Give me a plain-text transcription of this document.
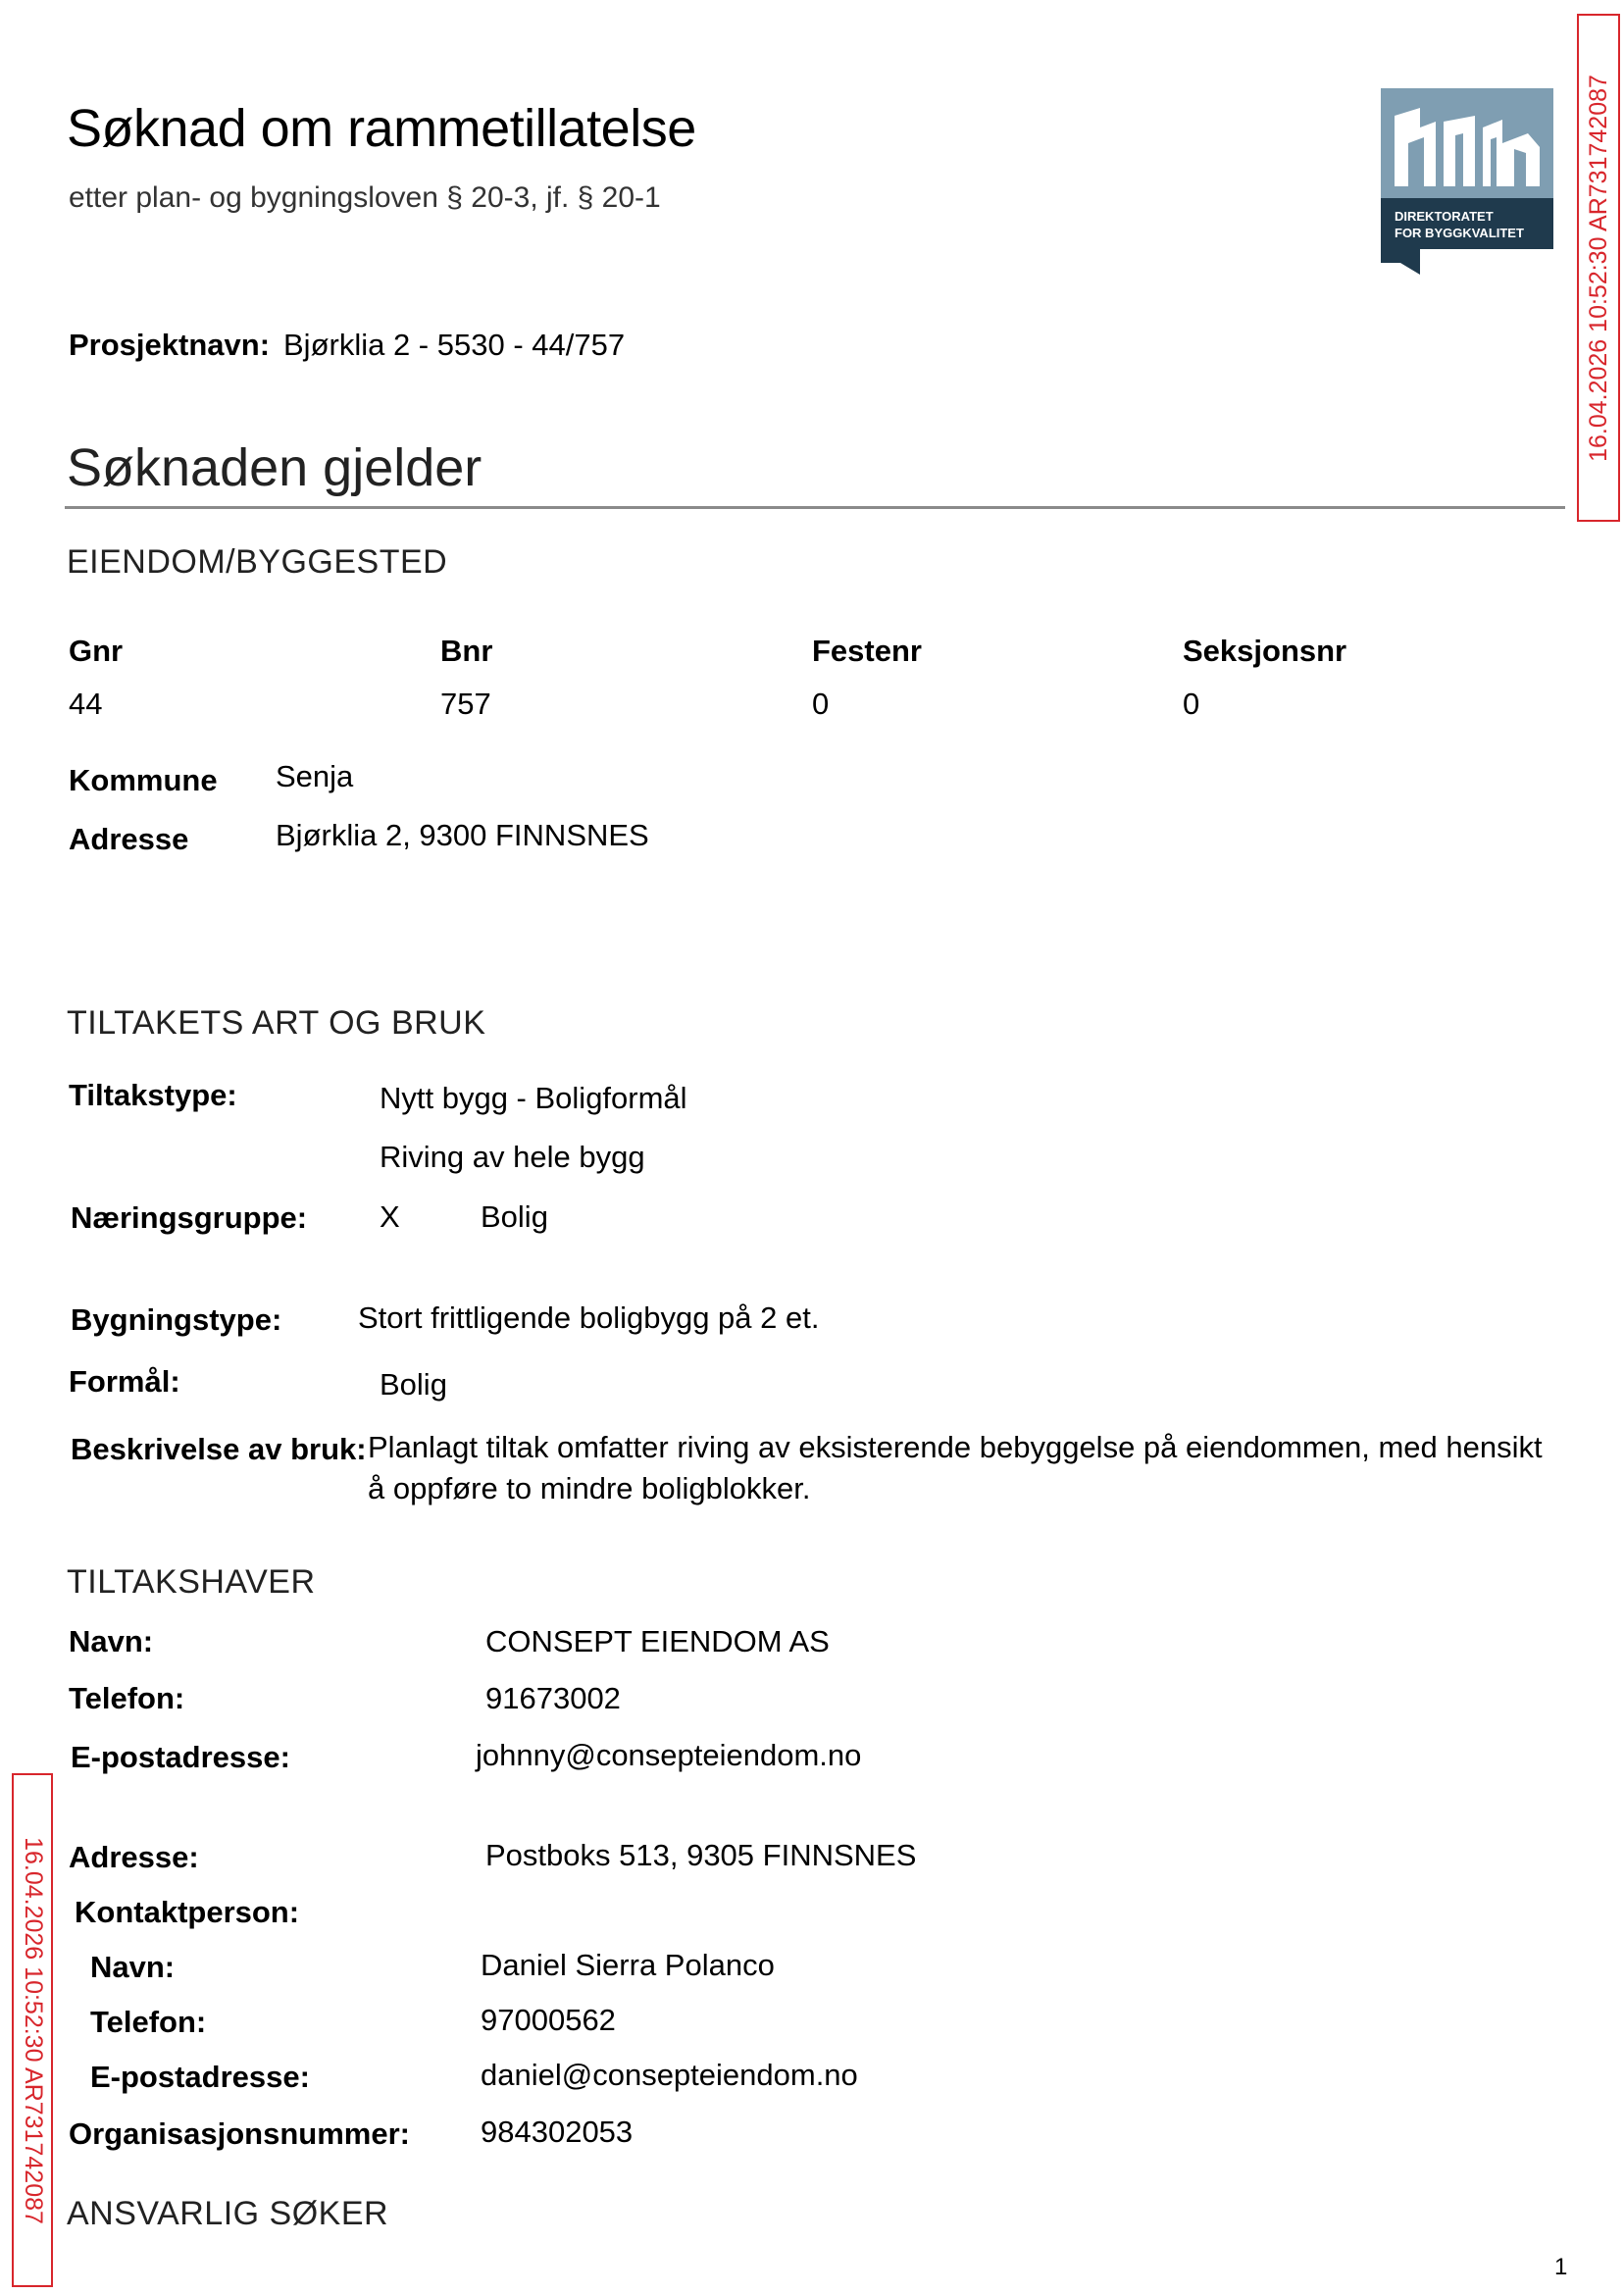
Søknad om rammetillatelse
etter plan- og bygningsloven § 20-3, jf. § 20-1
DIREKTORATET
FOR BYGGKVALITET 16.04.2026 10:52:30 AR731742087
16.04.2026 10:52:30 AR731742087
Prosjektnavn: Bjørklia 2 - 5530 - 44/757
Søknaden gjelder
EIENDOM/BYGGESTED
Gnr	Bnr	Festenr	Seksjonsnr
44	757	0	0
Kommune Senja
Adresse	Bjørklia 2, 9300 FINNSNES
TILTAKETS ART OG BRUK
Tiltakstype:	Nytt bygg - Boligformål
Riving av hele bygg
Næringsgruppe: X	Bolig
Bygningstype:	Stort frittligende boligbygg på 2 et.
Formål:	Bolig
Beskrivelse av bruk: Planlagt tiltak omfatter riving av eksisterende bebyggelse på eiendommen, med hensikt
å oppføre to mindre boligblokker.
TILTAKSHAVER
Navn:	CONSEPT EIENDOM AS
Telefon:	91673002
E-postadresse:	johnny@consepteiendom.no
Adresse:	Postboks 513, 9305 FINNSNES
Kontaktperson:
Navn:	Daniel Sierra Polanco
Telefon:	97000562
E-postadresse:	daniel@consepteiendom.no
Organisasjonsnummer: 984302053
ANSVARLIG SØKER
1
